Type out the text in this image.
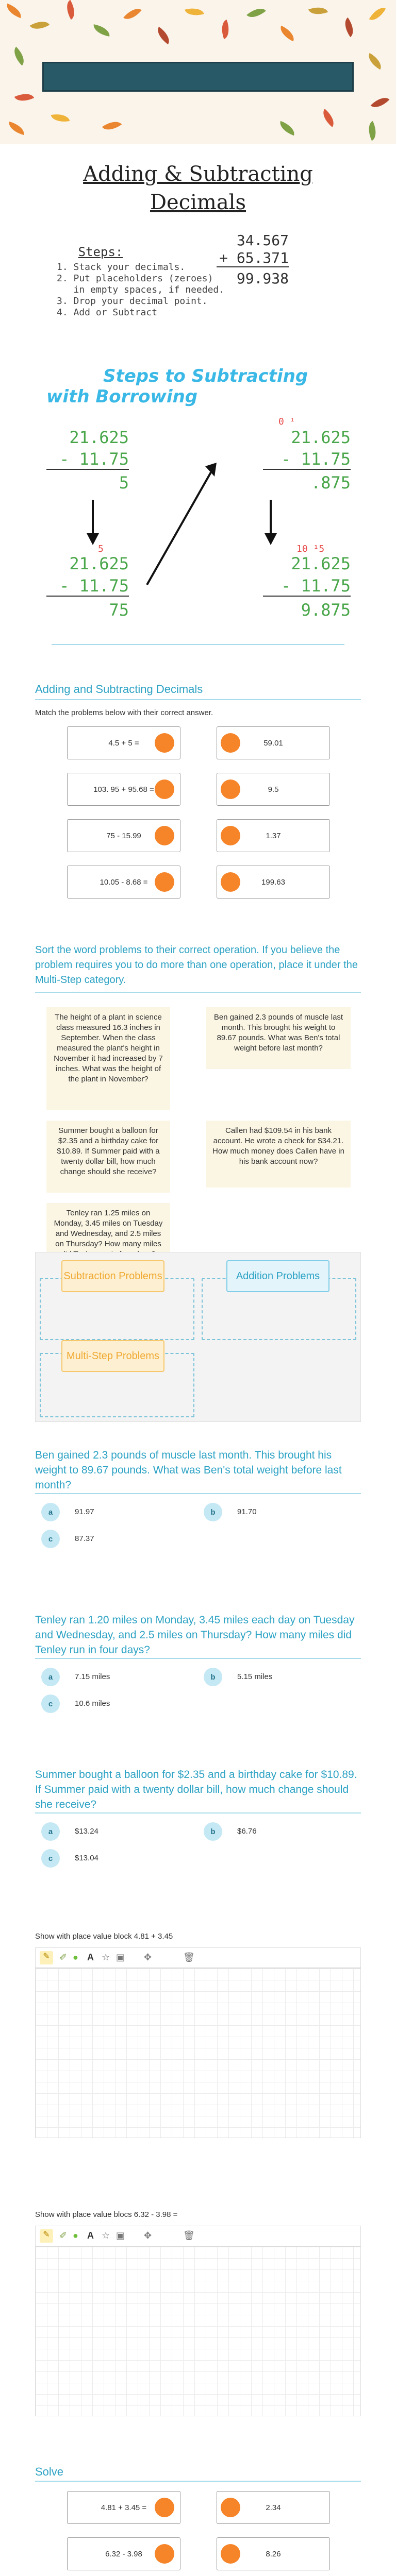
Adding & Subtracting
Decimals
Steps:
1. Stack your decimals.
2. Put placeholders (zeroes)
in empty spaces, if needed.
3. Drop your decimal point.
4. Add or Subtract
34.567
+ 65.371
99.938
Steps to Subtracting
with Borrowing
21.625
- 11.75
5
0 ¹
21.625
- 11.75
.875
5
21.625
- 11.75
75
10 ¹5
21.625
- 11.75
9.875
Adding and Subtracting Decimals
Match the problems below with their correct answer.
4.5 + 5 =	59.01
103. 95 + 95.68 =	9.5
75 - 15.99	1.37
10.05 - 8.68 =	199.63
Sort the word problems to their correct operation. If you believe the problem requires you to do more than one operation, place it under the Multi-Step category.
The height of a plant in science class measured 16.3 inches in September. When the class measured the plant's height in November it had increased by 7 inches. What was the height of the plant in November?
Ben gained 2.3 pounds of muscle last month. This brought his weight to 89.67 pounds. What was Ben's total weight before last month?
Summer bought a balloon for $2.35 and a birthday cake for $10.89. If Summer paid with a twenty dollar bill, how much change should she receive?
Callen had $109.54 in his bank account. He wrote a check for $34.21. How much money does Callen have in his bank account now?
Tenley ran 1.25 miles on Monday, 3.45 miles on Tuesday and Wednesday, and 2.5 miles on Thursday? How many miles
Subtraction Problems	Addition Problems
Multi-Step Problems
Ben gained 2.3 pounds of muscle last month. This brought his weight to 89.67 pounds. What was Ben's total weight before last month?
a	91.97	b	91.70
c	87.37
Tenley ran 1.20 miles on Monday, 3.45 miles each day on Tuesday and Wednesday, and 2.5 miles on Thursday? How many miles did Tenley run in four days?
a	7.15 miles	b	5.15 miles
c	10.6 miles
Summer bought a balloon for $2.35 and a birthday cake for $10.89. If Summer paid with a twenty dollar bill, how much change should she receive?
a	$13.24	b	$6.76
c	$13.04
Show with place value block 4.81 + 3.45
✎	✐ ● A ☆ ▣ ✥	🗑
Show with place value blocs 6.32 - 3.98 =
✎	✐ ● A ☆ ▣ ✥	🗑
Solve
4.81 + 3.45 =	2.34
6.32 - 3.98	8.26
